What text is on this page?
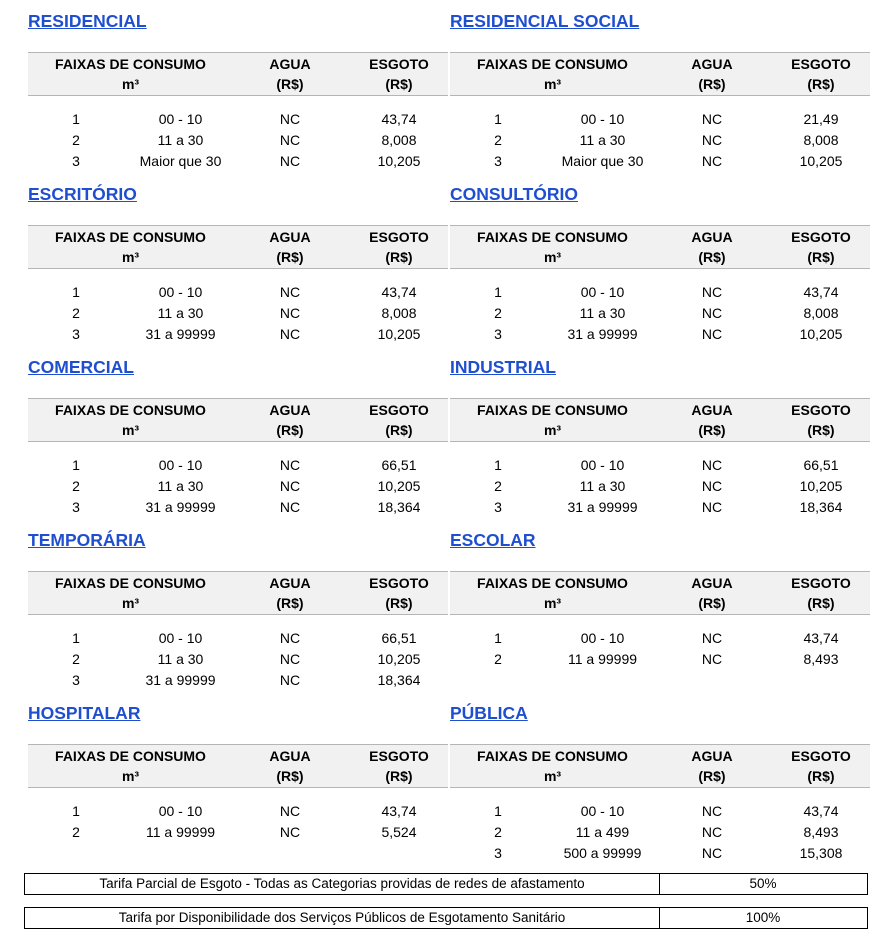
RESIDENCIAL
FAIXAS DE CONSUMO
m³
AGUA
(R$)
ESGOTO
(R$)
1	00 - 10	NC	43,74
2	11 a 30	NC	8,008
3	Maior que 30	NC	10,205
RESIDENCIAL SOCIAL
FAIXAS DE CONSUMO
m³
AGUA
(R$)
ESGOTO
(R$)
1	00 - 10	NC	21,49
2	11 a 30	NC	8,008
3	Maior que 30	NC	10,205
ESCRITÓRIO
FAIXAS DE CONSUMO
m³
AGUA
(R$)
ESGOTO
(R$)
1	00 - 10	NC	43,74
2	11 a 30	NC	8,008
3	31 a 99999	NC	10,205
CONSULTÓRIO
FAIXAS DE CONSUMO
m³
AGUA
(R$)
ESGOTO
(R$)
1	00 - 10	NC	43,74
2	11 a 30	NC	8,008
3	31 a 99999	NC	10,205
COMERCIAL
FAIXAS DE CONSUMO
m³
AGUA
(R$)
ESGOTO
(R$)
1	00 - 10	NC	66,51
2	11 a 30	NC	10,205
3	31 a 99999	NC	18,364
INDUSTRIAL
FAIXAS DE CONSUMO
m³
AGUA
(R$)
ESGOTO
(R$)
1	00 - 10	NC	66,51
2	11 a 30	NC	10,205
3	31 a 99999	NC	18,364
TEMPORÁRIA
FAIXAS DE CONSUMO
m³
AGUA
(R$)
ESGOTO
(R$)
1	00 - 10	NC	66,51
2	11 a 30	NC	10,205
3	31 a 99999	NC	18,364
ESCOLAR
FAIXAS DE CONSUMO
m³
AGUA
(R$)
ESGOTO
(R$)
1	00 - 10	NC	43,74
2	11 a 99999	NC	8,493
HOSPITALAR
FAIXAS DE CONSUMO
m³
AGUA
(R$)
ESGOTO
(R$)
1	00 - 10	NC	43,74
2	11 a 99999	NC	5,524
PÚBLICA
FAIXAS DE CONSUMO
m³
AGUA
(R$)
ESGOTO
(R$)
1	00 - 10	NC	43,74
2	11 a 499	NC	8,493
3	500 a 99999	NC	15,308
Tarifa Parcial de Esgoto - Todas as Categorias providas de redes de afastamento	50%
Tarifa por Disponibilidade dos Serviços Públicos de Esgotamento Sanitário	100%
